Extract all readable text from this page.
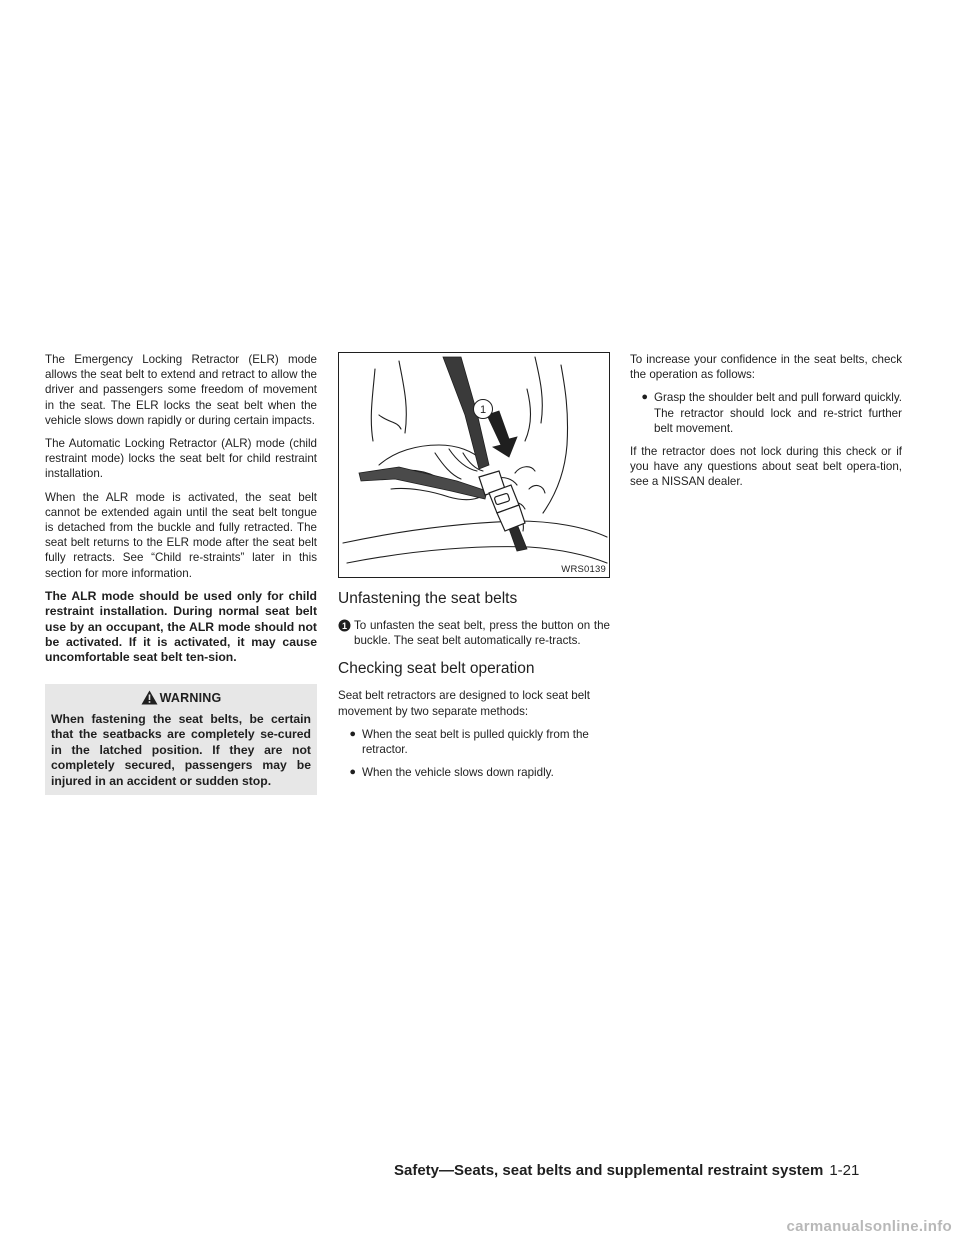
The Emergency Locking Retractor (ELR) mode allows the seat belt to extend and retract to allow the driver and passengers some freedom of movement in the seat. The ELR locks the seat belt when the vehicle slows down rapidly or during certain impacts.

The Automatic Locking Retractor (ALR) mode (child restraint mode) locks the seat belt for child restraint installation.

When the ALR mode is activated, the seat belt cannot be extended again until the seat belt tongue is detached from the buckle and fully retracted. The seat belt returns to the ELR mode after the seat belt fully retracts. See “Child re-straints” later in this section for more information.

The ALR mode should be used only for child restraint installation. During normal seat belt use by an occupant, the ALR mode should not be activated. If it is activated, it may cause uncomfortable seat belt ten-sion.

WARNING
When fastening the seat belts, be certain that the seatbacks are completely se-cured in the latched position. If they are not completely secured, passengers may be injured in an accident or sudden stop.
1
WRS0139
Unfastening the seat belts
1 To unfasten the seat belt, press the button on the buckle. The seat belt automatically re-tracts.
Checking seat belt operation

Seat belt retractors are designed to lock seat belt movement by two separate methods:

● When the seat belt is pulled quickly from the retractor.
● When the vehicle slows down rapidly.

To increase your confidence in the seat belts, check the operation as follows:

● Grasp the shoulder belt and pull forward quickly. The retractor should lock and re-strict further belt movement.

If the retractor does not lock during this check or if you have any questions about seat belt opera-tion, see a NISSAN dealer.

Safety—Seats, seat belts and supplemental restraint system 1-21
carmanualsonline.info
